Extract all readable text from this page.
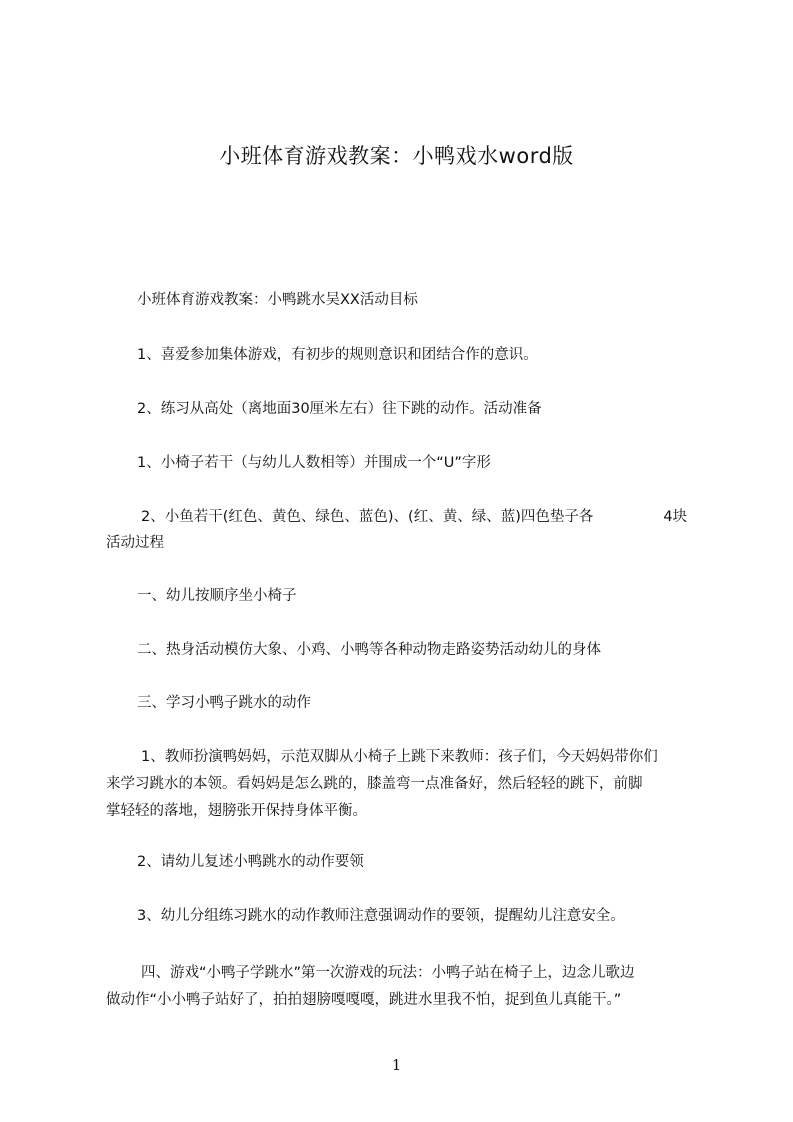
小班体育游戏教案：小鸭戏水word版
小班体育游戏教案：小鸭跳水吴XX活动目标
1、喜爱参加集体游戏，有初步的规则意识和团结合作的意识。
2、练习从高处（离地面30厘米左右）往下跳的动作。活动准备
1、小椅子若干（与幼儿人数相等）并围成一个“U”字形
2、小鱼若干(红色、黄色、绿色、蓝色)、(红、黄、绿、蓝)四色垫子各	4块
活动过程
一、幼儿按顺序坐小椅子
二、热身活动模仿大象、小鸡、小鸭等各种动物走路姿势活动幼儿的身体
三、学习小鸭子跳水的动作
1、教师扮演鸭妈妈，示范双脚从小椅子上跳下来教师：孩子们，今天妈妈带你们
来学习跳水的本领。看妈妈是怎么跳的，膝盖弯一点准备好，然后轻轻的跳下，前脚
掌轻轻的落地，翅膀张开保持身体平衡。
2、请幼儿复述小鸭跳水的动作要领
3、幼儿分组练习跳水的动作教师注意强调动作的要领，提醒幼儿注意安全。
四、游戏“小鸭子学跳水”第一次游戏的玩法：小鸭子站在椅子上，边念儿歌边
做动作“小小鸭子站好了，拍拍翅膀嘎嘎嘎，跳进水里我不怕，捉到鱼儿真能干。”
1
